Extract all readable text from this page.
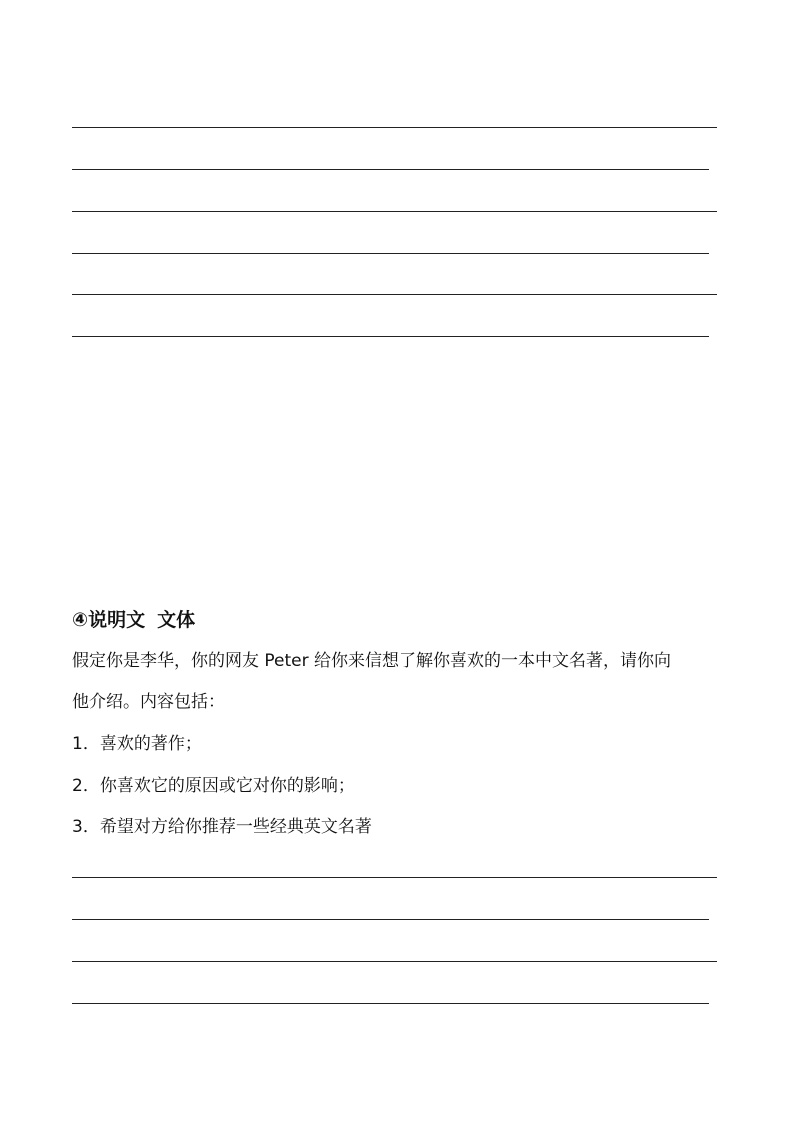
④说明文 文体
假定你是李华，你的网友 Peter 给你来信想了解你喜欢的一本中文名著，请你向
他介绍。内容包括：
1．喜欢的著作；
2．你喜欢它的原因或它对你的影响；
3．希望对方给你推荐一些经典英文名著
